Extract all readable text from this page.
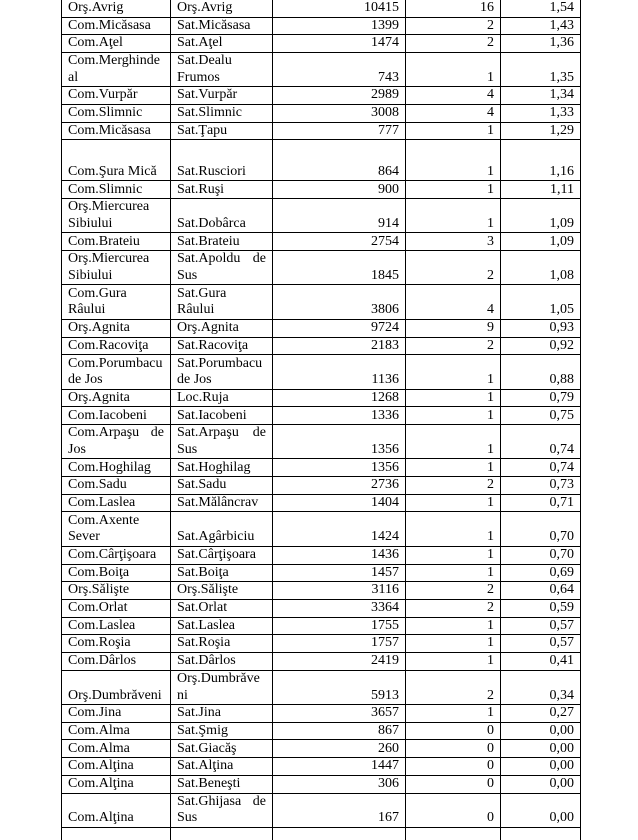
Orş.Avrig	Orş.Avrig	10415	16	1,54
Com.Micăsasa	Sat.Micăsasa	1399	2	1,43
Com.Aţel	Sat.Aţel	1474	2	1,36
Com.Merghindeal	Sat.Dealu Frumos	743	1	1,35
Com.Vurpăr	Sat.Vurpăr	2989	4	1,34
Com.Slimnic	Sat.Slimnic	3008	4	1,33
Com.Micăsasa	Sat.Ţapu	777	1	1,29
Com.Şura Mică	Sat.Rusciori	864	1	1,16
Com.Slimnic	Sat.Ruşi	900	1	1,11
Orş.Miercurea Sibiului	Sat.Dobârca	914	1	1,09
Com.Brateiu	Sat.Brateiu	2754	3	1,09
Orş.Miercurea Sibiului	Sat.Apoldu de Sus	1845	2	1,08
Com.Gura Râului	Sat.Gura Râului	3806	4	1,05
Orş.Agnita	Orş.Agnita	9724	9	0,93
Com.Racoviţa	Sat.Racoviţa	2183	2	0,92
Com.Porumbacu de Jos	Sat.Porumbacu de Jos	1136	1	0,88
Orş.Agnita	Loc.Ruja	1268	1	0,79
Com.Iacobeni	Sat.Iacobeni	1336	1	0,75
Com.Arpaşu de Jos	Sat.Arpaşu de Sus	1356	1	0,74
Com.Hoghilag	Sat.Hoghilag	1356	1	0,74
Com.Sadu	Sat.Sadu	2736	2	0,73
Com.Laslea	Sat.Mălâncrav	1404	1	0,71
Com.Axente Sever	Sat.Agârbiciu	1424	1	0,70
Com.Cârţişoara	Sat.Cârţişoara	1436	1	0,70
Com.Boiţa	Sat.Boiţa	1457	1	0,69
Orş.Sălişte	Orş.Sălişte	3116	2	0,64
Com.Orlat	Sat.Orlat	3364	2	0,59
Com.Laslea	Sat.Laslea	1755	1	0,57
Com.Roşia	Sat.Roşia	1757	1	0,57
Com.Dârlos	Sat.Dârlos	2419	1	0,41
Orş.Dumbrăveni	Orş.Dumbrăveni	5913	2	0,34
Com.Jina	Sat.Jina	3657	1	0,27
Com.Alma	Sat.Şmig	867	0	0,00
Com.Alma	Sat.Giacăş	260	0	0,00
Com.Alţina	Sat.Alţina	1447	0	0,00
Com.Alţina	Sat.Beneşti	306	0	0,00
Com.Alţina	Sat.Ghijasa de Sus	167	0	0,00
